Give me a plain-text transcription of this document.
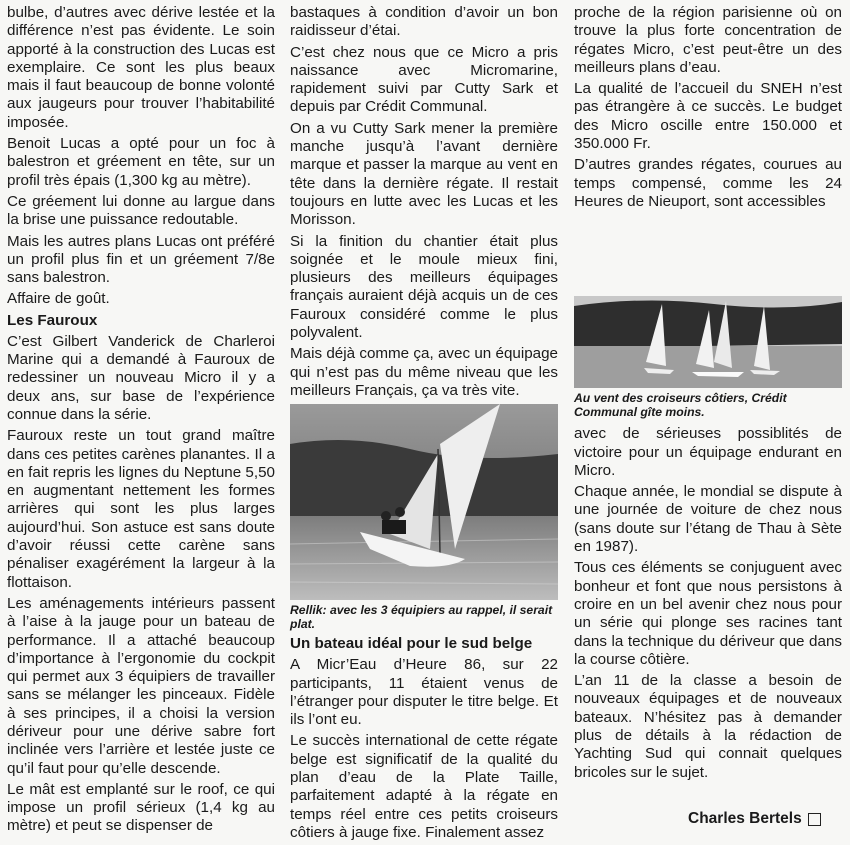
bulbe, d’autres avec dérive lestée et la différence n’est pas évidente. Le soin apporté à la construction des Lucas est exemplaire. Ce sont les plus beaux mais il faut beaucoup de bonne volonté aux jaugeurs pour trouver l’habitabilité imposée.

Benoit Lucas a opté pour un foc à balestron et gréement en tête, sur un profil très épais (1,300 kg au mètre).

Ce gréement lui donne au largue dans la brise une puissance redoutable.

Mais les autres plans Lucas ont préféré un profil plus fin et un gréement 7/8e sans balestron.

Affaire de goût.

Les Fauroux

C’est Gilbert Vanderick de Charleroi Marine qui a demandé à Fauroux de redessiner un nouveau Micro il y a deux ans, sur base de l’expérience connue dans la série.

Fauroux reste un tout grand maître dans ces petites carènes planantes. Il a en fait repris les lignes du Neptune 5,50 en augmentant nettement les formes arrières qui sont les plus larges aujourd’hui. Son astuce est sans doute d’avoir réussi cette carène sans pénaliser exagérément la largeur à la flottaison.

Les aménagements intérieurs passent à l’aise à la jauge pour un bateau de performance. Il a attaché beaucoup d’importance à l’ergonomie du cockpit qui permet aux 3 équipiers de travailler sans se mélanger les pinceaux. Fidèle à ses principes, il a choisi la version dériveur pour une dérive sabre fort inclinée vers l’arrière et lestée juste ce qu’il faut pour qu’elle descende.

Le mât est emplanté sur le roof, ce qui impose un profil sérieux (1,4 kg au mètre) et peut se dispenser de

bastaques à condition d’avoir un bon raidisseur d’étai.

C’est chez nous que ce Micro a pris naissance avec Micromarine, rapidement suivi par Cutty Sark et depuis par Crédit Communal.

On a vu Cutty Sark mener la première manche jusqu’à l’avant dernière marque et passer la marque au vent en tête dans la dernière régate. Il restait toujours en lutte avec les Lucas et les Morisson.

Si la finition du chantier était plus soignée et le moule mieux fini, plusieurs des meilleurs équipages français auraient déjà acquis un de ces Fauroux considéré comme le plus polyvalent.

Mais déjà comme ça, avec un équipage qui n’est pas du même niveau que les meilleurs Français, ça va très vite.

Rellik: avec les 3 équipiers au rappel, il serait plat.
Un bateau idéal pour le sud belge

A Micr’Eau d’Heure 86, sur 22 participants, 11 étaient venus de l’étranger pour disputer le titre belge. Et ils l’ont eu.

Le succès international de cette régate belge est significatif de la qualité du plan d’eau de la Plate Taille, parfaitement adapté à la régate en temps réel entre ces petits croiseurs côtiers à jauge fixe. Finalement assez

proche de la région parisienne où on trouve la plus forte concentration de régates Micro, c’est peut-être un des meilleurs plans d’eau.

La qualité de l’accueil du SNEH n’est pas étrangère à ce succès. Le budget des Micro oscille entre 150.000 et 350.000 Fr.

D’autres grandes régates, courues au temps compensé, comme les 24 Heures de Nieuport, sont accessibles

Au vent des croiseurs côtiers, Crédit Communal gîte moins.

avec de sérieuses possiblités de victoire pour un équipage endurant en Micro.

Chaque année, le mondial se dispute à une journée de voiture de chez nous (sans doute sur l’étang de Thau à Sète en 1987).

Tous ces éléments se conjuguent avec bonheur et font que nous persistons à croire en un bel avenir chez nous pour un série qui plonge ses racines tant dans la technique du dériveur que dans la course côtière.

L’an 11 de la classe a besoin de nouveaux équipages et de nouveaux bateaux. N’hésitez pas à demander plus de détails à la rédaction de Yachting Sud qui connait quelques bricoles sur le sujet.

Charles Bertels
